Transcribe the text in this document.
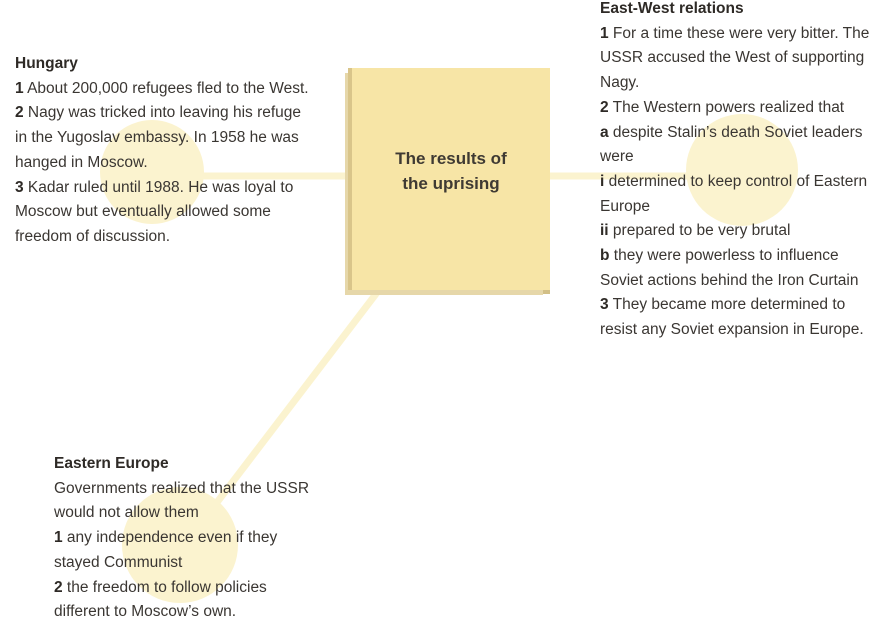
The results of
the uprising
Hungary

1 About 200,000 refugees fled to the West.

2 Nagy was tricked into leaving his refuge in the Yugoslav embassy. In 1958 he was hanged in Moscow.

3 Kadar ruled until 1988. He was loyal to Moscow but eventually allowed some freedom of discussion.

East-West relations

1 For a time these were very bitter. The USSR accused the West of supporting Nagy.

2 The Western powers realized that

a despite Stalin’s death Soviet leaders were

i determined to keep control of Eastern Europe

ii prepared to be very brutal

b they were powerless to influence Soviet actions behind the Iron Curtain

3 They became more determined to resist any Soviet expansion in Europe.

Eastern Europe

Governments realized that the USSR would not allow them

1 any independence even if they stayed Communist

2 the freedom to follow policies different to Moscow’s own.
